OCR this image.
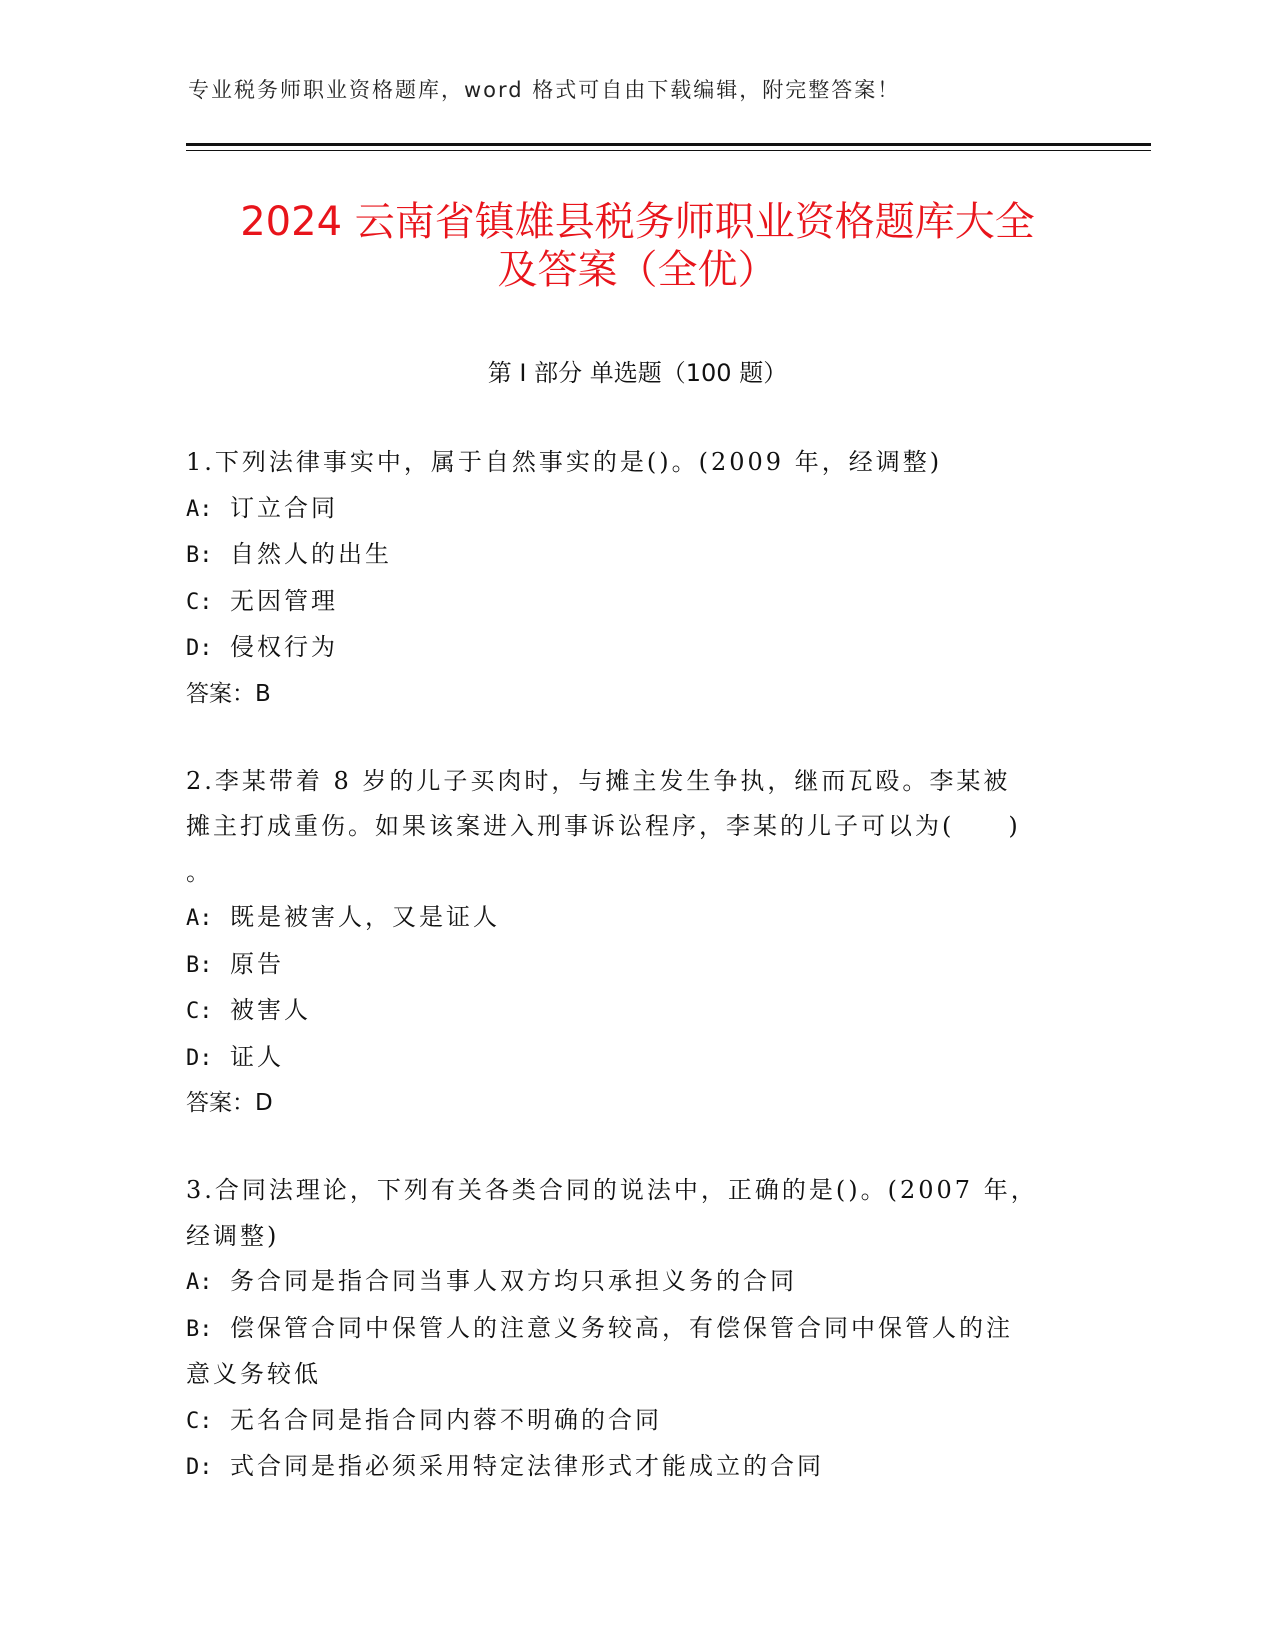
专业税务师职业资格题库，word 格式可自由下载编辑，附完整答案！
2024 云南省镇雄县税务师职业资格题库大全
及答案（全优）
第 I 部分 单选题（100 题）
1.下列法律事实中，属于自然事实的是()。(2009 年，经调整)
A: 订立合同
B: 自然人的出生
C: 无因管理
D: 侵权行为
答案：B
2.李某带着 8 岁的儿子买肉时，与摊主发生争执，继而瓦殴。李某被
摊主打成重伤。如果该案进入刑事诉讼程序，李某的儿子可以为(　　)
。
A: 既是被害人，又是证人
B: 原告
C: 被害人
D: 证人
答案：D
3.合同法理论，下列有关各类合同的说法中，正确的是()。(2007 年，
经调整)
A: 务合同是指合同当事人双方均只承担义务的合同
B: 偿保管合同中保管人的注意义务较高，有偿保管合同中保管人的注
意义务较低
C: 无名合同是指合同内蓉不明确的合同
D: 式合同是指必须采用特定法律形式才能成立的合同
